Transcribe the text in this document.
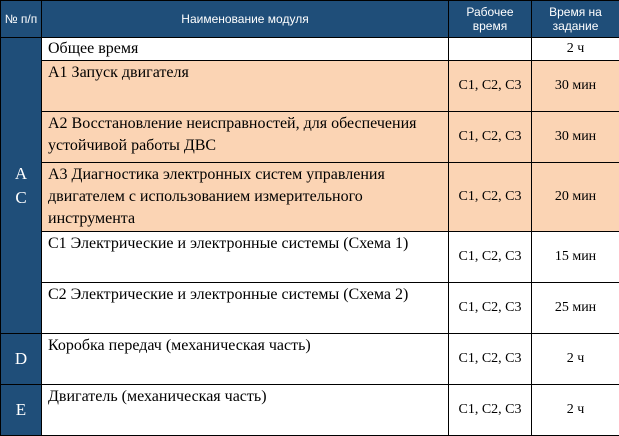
№ п/п	Наименование модуля	Рабочее время	Время на задание

А
С	Общее время		2 ч
	А1 Запуск двигателя	С1, С2, С3	30 мин
	А2 Восстановление неисправностей, для обеспечения устойчивой работы ДВС	С1, С2, С3	30 мин
	А3 Диагностика электронных систем управления двигателем с использованием измерительного инструмента	С1, С2, С3	20 мин
	С1 Электрические и электронные системы (Схема 1)	С1, С2, С3	15 мин
	С2 Электрические и электронные системы (Схема 2)	С1, С2, С3	25 мин

D	Коробка передач (механическая часть)	С1, С2, С3	2 ч

E	Двигатель (механическая часть)	С1, С2, С3	2 ч
